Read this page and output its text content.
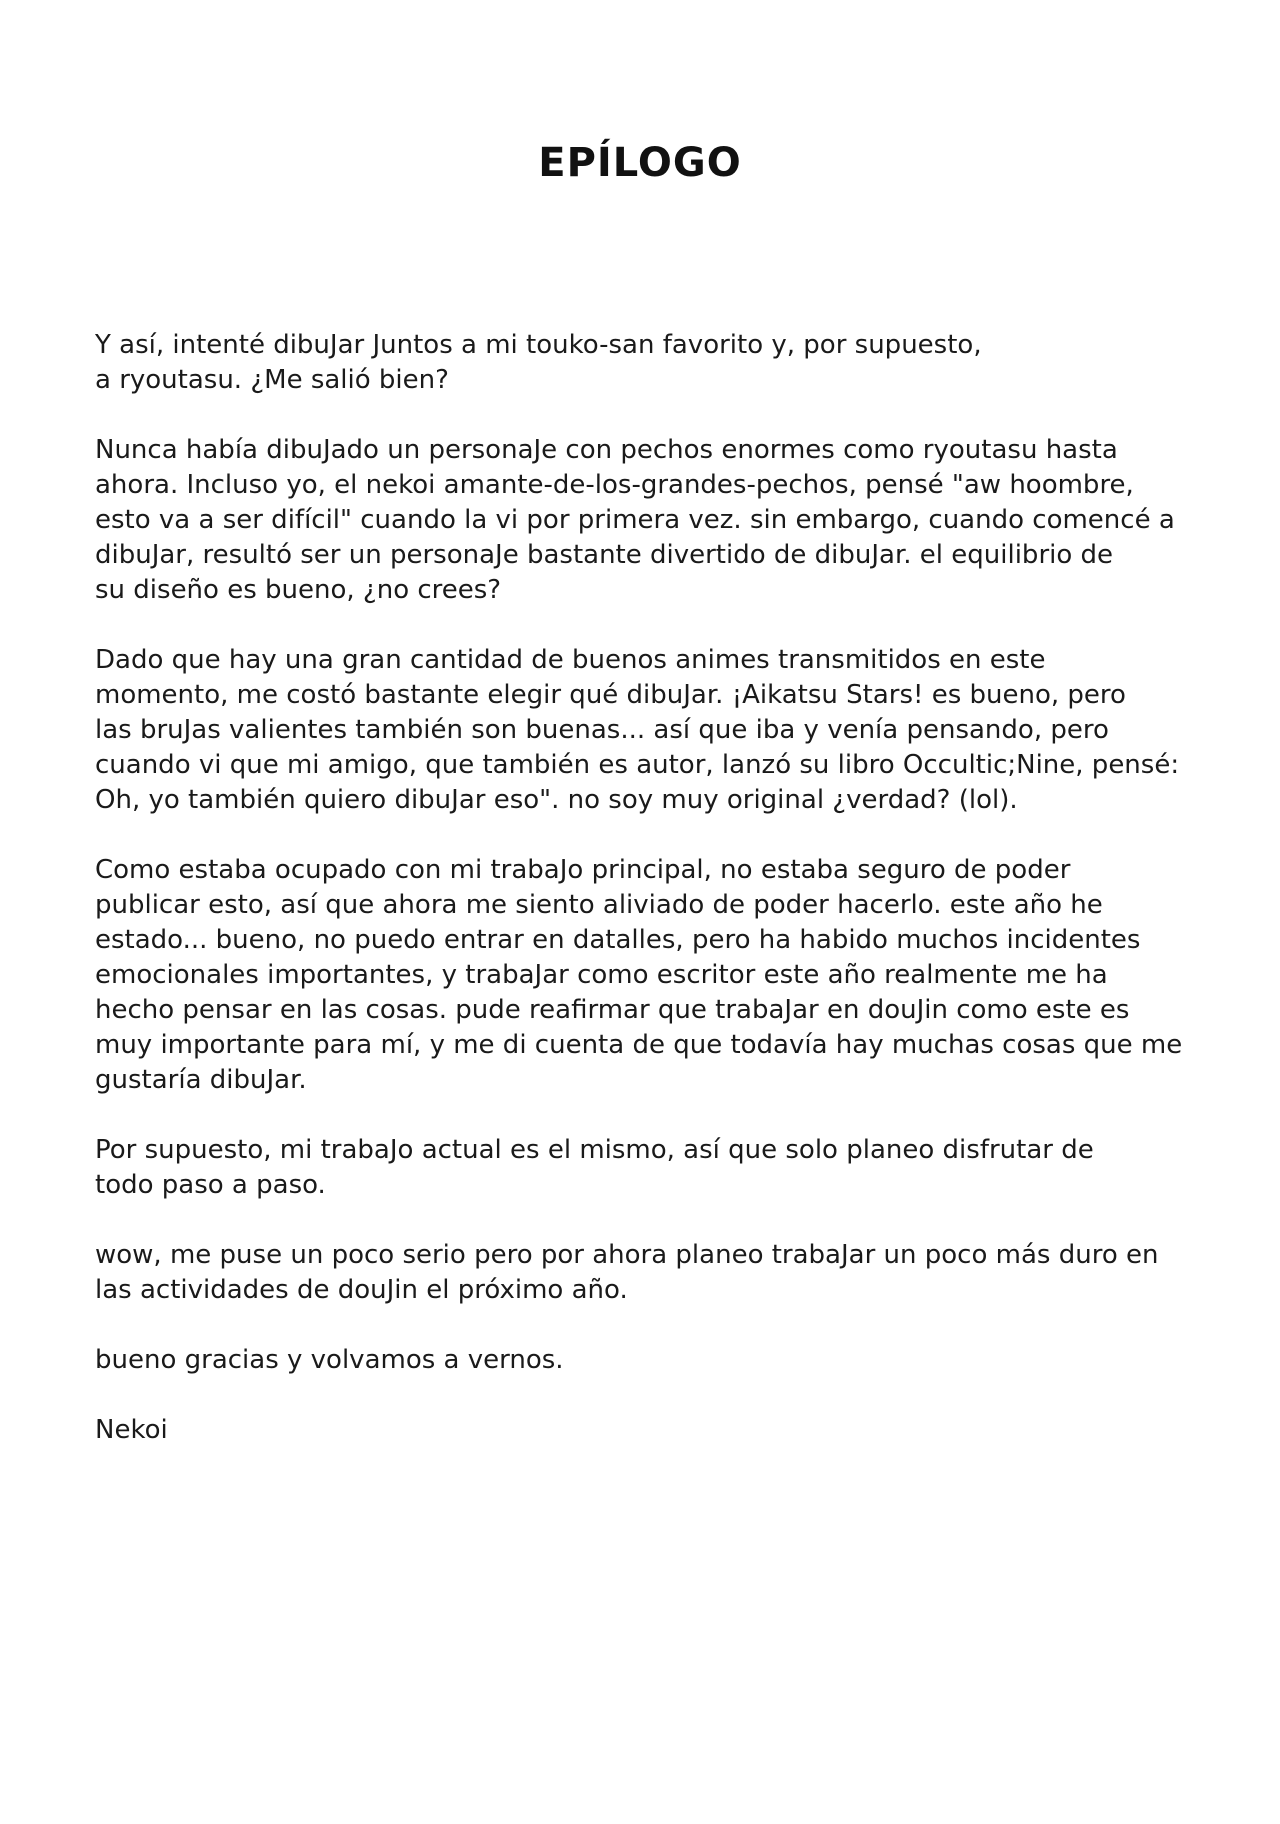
EPÍLOGO
Y así, intenté dibuJar Juntos a mi touko-san favorito y, por supuesto,
a ryoutasu. ¿Me salió bien?
Nunca había dibuJado un personaJe con pechos enormes como ryoutasu hasta
ahora. Incluso yo, el nekoi amante-de-los-grandes-pechos, pensé "aw hoombre,
esto va a ser difícil" cuando la vi por primera vez. sin embargo, cuando comencé a
dibuJar, resultó ser un personaJe bastante divertido de dibuJar. el equilibrio de
su diseño es bueno, ¿no crees?
Dado que hay una gran cantidad de buenos animes transmitidos en este
momento, me costó bastante elegir qué dibuJar. ¡Aikatsu Stars! es bueno, pero
las bruJas valientes también son buenas... así que iba y venía pensando, pero
cuando vi que mi amigo, que también es autor, lanzó su libro Occultic;Nine, pensé:
Oh, yo también quiero dibuJar eso". no soy muy original ¿verdad? (lol).
Como estaba ocupado con mi trabaJo principal, no estaba seguro de poder
publicar esto, así que ahora me siento aliviado de poder hacerlo. este año he
estado... bueno, no puedo entrar en datalles, pero ha habido muchos incidentes
emocionales importantes, y trabaJar como escritor este año realmente me ha
hecho pensar en las cosas. pude reafirmar que trabaJar en douJin como este es
muy importante para mí, y me di cuenta de que todavía hay muchas cosas que me
gustaría dibuJar.
Por supuesto, mi trabaJo actual es el mismo, así que solo planeo disfrutar de
todo paso a paso.
wow, me puse un poco serio pero por ahora planeo trabaJar un poco más duro en
las actividades de douJin el próximo año.
bueno gracias y volvamos a vernos.
Nekoi
